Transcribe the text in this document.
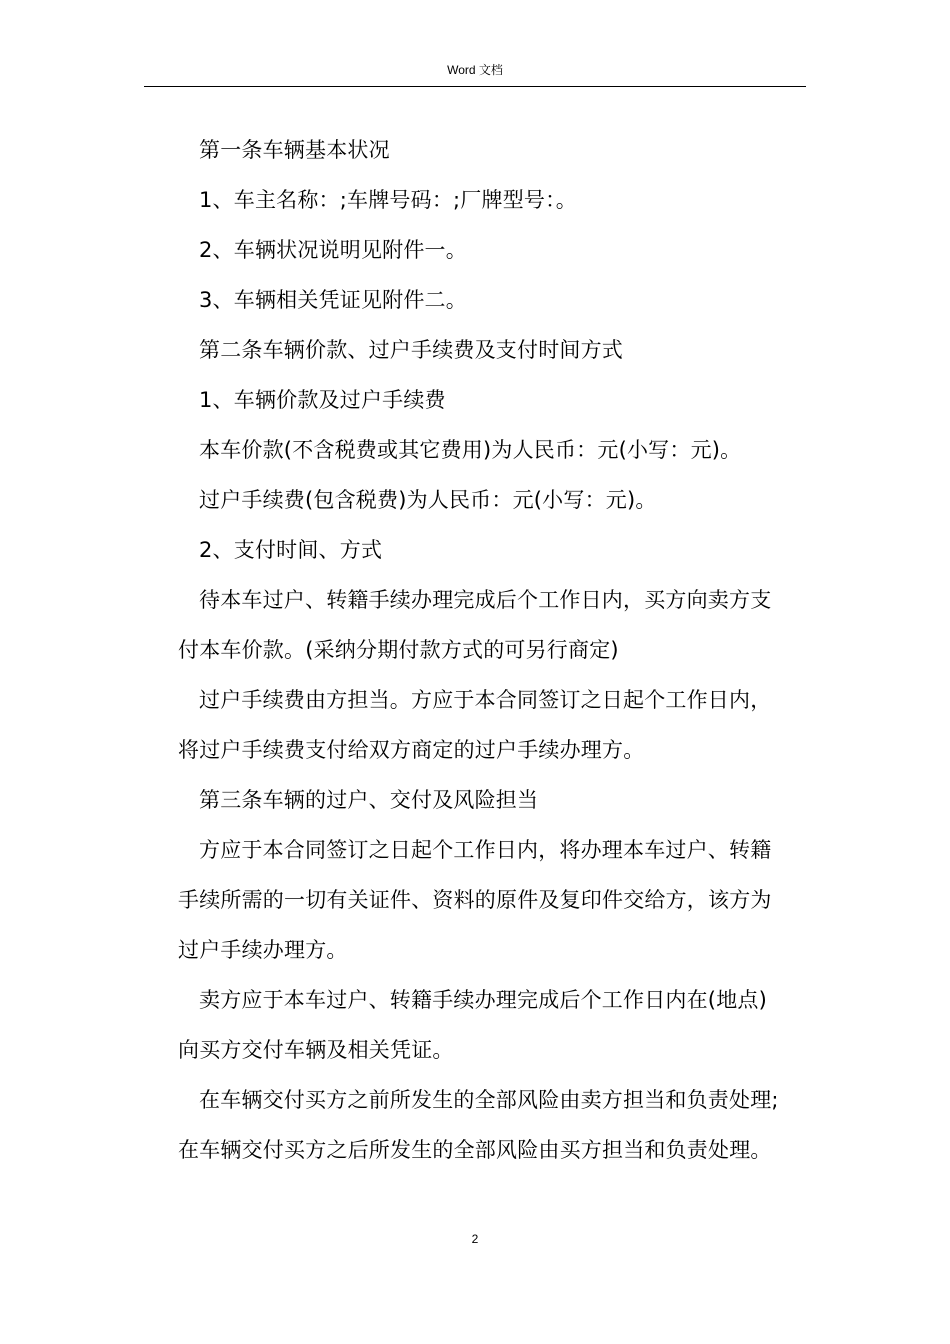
Word 文档

第一条车辆基本状况

1、车主名称：;车牌号码：;厂牌型号：。

2、车辆状况说明见附件一。

3、车辆相关凭证见附件二。

第二条车辆价款、过户手续费及支付时间方式

1、车辆价款及过户手续费

本车价款(不含税费或其它费用)为人民币：元(小写：元)。

过户手续费(包含税费)为人民币：元(小写：元)。

2、支付时间、方式

待本车过户、转籍手续办理完成后个工作日内，买方向卖方支
付本车价款。(采纳分期付款方式的可另行商定)

过户手续费由方担当。方应于本合同签订之日起个工作日内，
将过户手续费支付给双方商定的过户手续办理方。

第三条车辆的过户、交付及风险担当

方应于本合同签订之日起个工作日内，将办理本车过户、转籍
手续所需的一切有关证件、资料的原件及复印件交给方，该方为
过户手续办理方。

卖方应于本车过户、转籍手续办理完成后个工作日内在(地点)
向买方交付车辆及相关凭证。

在车辆交付买方之前所发生的全部风险由卖方担当和负责处理;
在车辆交付买方之后所发生的全部风险由买方担当和负责处理。

2
